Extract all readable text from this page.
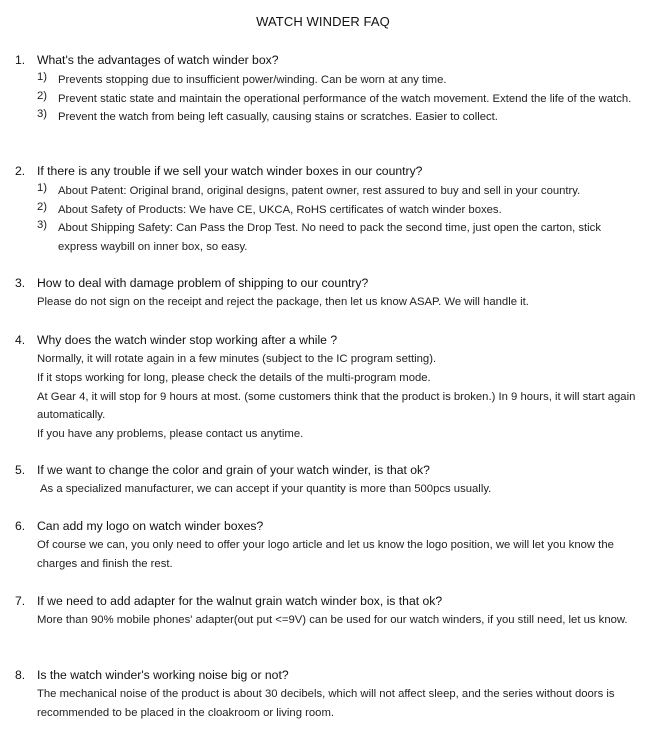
WATCH WINDER FAQ
1. What's the advantages of watch winder box?
1) Prevents stopping due to insufficient power/winding. Can be worn at any time.
2) Prevent static state and maintain the operational performance of the watch movement. Extend the life of the watch.
3) Prevent the watch from being left casually, causing stains or scratches. Easier to collect.
2. If there is any trouble if we sell your watch winder boxes in our country?
1) About Patent: Original brand, original designs, patent owner, rest assured to buy and sell in your country.
2) About Safety of Products: We have CE, UKCA, RoHS certificates of watch winder boxes.
3) About Shipping Safety: Can Pass the Drop Test. No need to pack the second time, just open the carton, stick express waybill on inner box, so easy.
3. How to deal with damage problem of shipping to our country?
Please do not sign on the receipt and reject the package, then let us know ASAP. We will handle it.
4. Why does the watch winder stop working after a while ?
Normally, it will rotate again in a few minutes (subject to the IC program setting).
If it stops working for long, please check the details of the multi-program mode.
At Gear 4, it will stop for 9 hours at most. (some customers think that the product is broken.) In 9 hours, it will start again automatically.
If you have any problems, please contact us anytime.
5. If we want to change the color and grain of your watch winder, is that ok?
As a specialized manufacturer, we can accept if your quantity is more than 500pcs usually.
6. Can add my logo on watch winder boxes?
Of course we can, you only need to offer your logo article and let us know the logo position, we will let you know the charges and finish the rest.
7. If we need to add adapter for the walnut grain watch winder box, is that ok?
More than 90% mobile phones' adapter(out put <=9V) can be used for our watch winders, if you still need, let us know.
8. Is the watch winder's working noise big or not?
The mechanical noise of the product is about 30 decibels, which will not affect sleep, and the series without doors is recommended to be placed in the cloakroom or living room.
